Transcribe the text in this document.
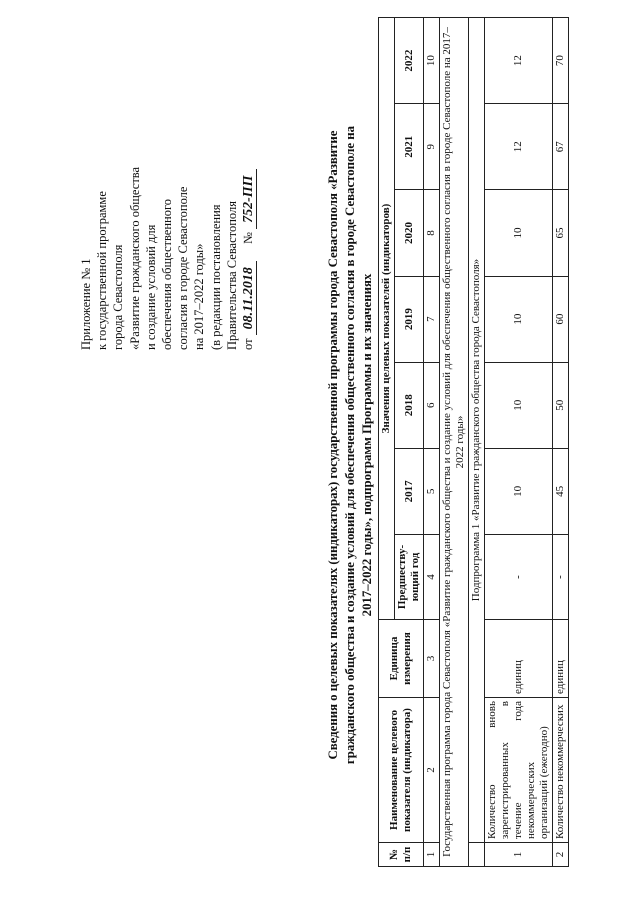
Приложение № 1 к государственной программе города Севастополя «Развитие гражданского общества и создание условий для обеспечения общественного согласия в городе Севастополе на 2017–2022 годы» (в редакции постановления Правительства Севастополя от 08.11.2018 № 752-ПП	Сведения о целевых показателях (индикаторах) государственной программы города Севастополя «Развитие гражданского общества и создание условий для обеспечения общественного согласия в городе Севастополе на 2017–2022 годы», подпрограмм Программы и их значениях
№ п/п	Наименование целевого показателя (индикатора)	Единица измерения	Значения целевых показателей (индикаторов)						
			Предшеству-ющий год	2017	2018	2019	2020	2021	2022
1	2	3	4	5	6	7	8	9	10
Государственная программа города Севастополя «Развитие гражданского общества и создание условий для обеспечения общественного согласия в городе Севастополе на 2017–2022 годы»									
	Подпрограмма 1 «Развитие гражданского общества города Севастополя»								
1	Количество вновь зарегистрированных в течение года некоммерческих организаций (ежегодно)	единиц	-	10	10	10	10	12	12
2	Количество некоммерческих	единиц	-	45	50	60	65	67	70
